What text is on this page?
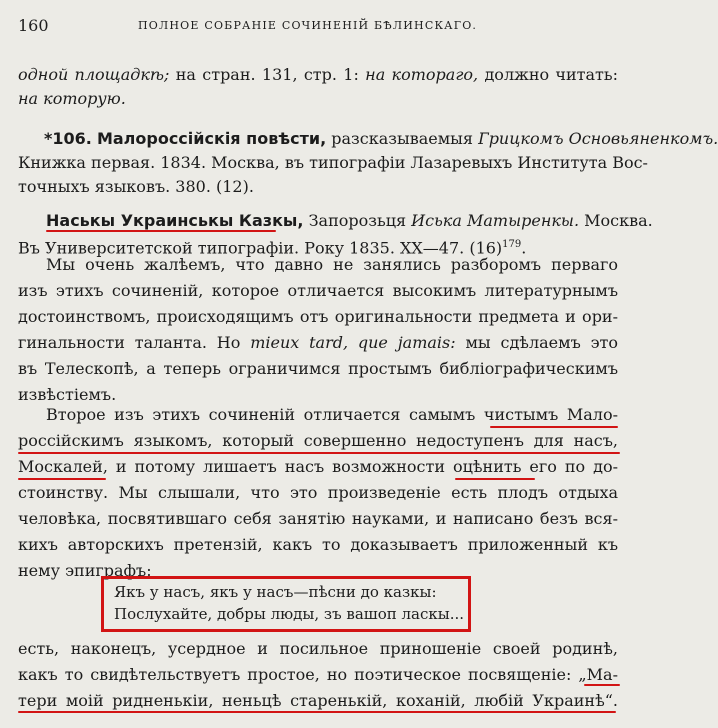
160	ПОЛНОЕ СОБРАНІЕ СОЧИНЕНІЙ БѢЛИНСКАГО.
одной площадкѣ; на стран. 131, стр. 1: на которагo, должно читать:
на которую.
*106. Малороссійскія повѣсти, разсказываемыя Грицкомъ Основьяненкомъ.
Книжка первая. 1834. Москва, въ типографіи Лазаревыхъ Института Вос-
точныхъ языковъ. 380. (12).
Наськы Украинськы Казкы, Запорозьця Иська Матыренкы. Москва.
Въ Университетской типографіи. Року 1835. XX—47. $(16)^{179}$.
Мы очень жалѣемъ, что давно не занялись разборомъ перваго
изъ этихъ сочиненій, которое отличается высокимъ литературнымъ
достоинствомъ, происходящимъ отъ оригинальности предмета и ори-
гинальности таланта. Но mieux tard, que jamais: мы сдѣлаемъ это
въ Телескопѣ, а теперь ограничимся простымъ библіографическимъ
извѣстіемъ.
Второе изъ этихъ сочиненій отличается самымъ чистымъ Мало-
россійскимъ языкомъ, который совершенно недоступенъ для насъ,
Москалей, и потому лишаетъ насъ возможности оцѣнить его по до-
стоинству. Мы слышали, что это произведеніе есть плодъ отдыха
человѣка, посвятившаго себя занятію науками, и написано безъ вся-
кихъ авторскихъ претензій, какъ то доказываетъ приложенный къ
нему эпиграфъ:
Якъ у насъ, якъ у насъ—пѣсни до казкы:
Послухайте, добры люды, зъ вашоп ласкы...
есть, наконецъ, усердное и посильное приношеніе своей родинѣ,
какъ то свидѣтельствуетъ простое, но поэтическое посвященіе: „Ма-
тери моій ридненькіи, неньцѣ старенькій, коханій, любій Украинѣ“.
